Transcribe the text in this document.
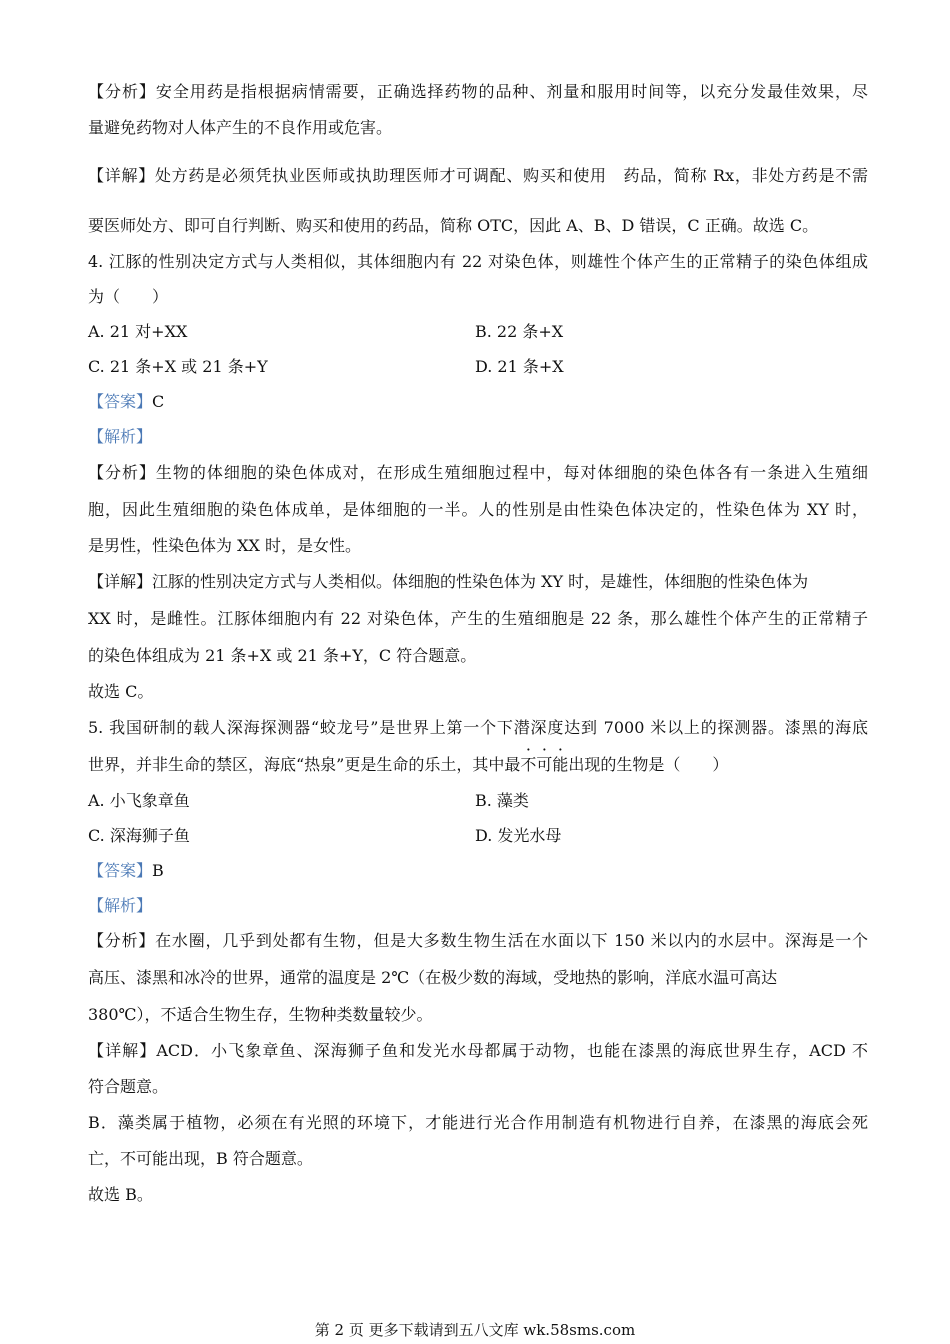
【分析】安全用药是指根据病情需要，正确选择药物的品种、剂量和服用时间等，以充分发最佳效果，尽
量避免药物对人体产生的不良作用或危害。
【详解】处方药是必须凭执业医师或执助理医师才可调配、购买和使用　药品，简称 Rx，非处方药是不需
要医师处方、即可自行判断、购买和使用的药品，简称 OTC，因此 A、B、D 错误，C 正确。故选 C。
4. 江豚的性别决定方式与人类相似，其体细胞内有 22 对染色体，则雄性个体产生的正常精子的染色体组成
为（　　）
A. 21 对+XX	B. 22 条+X
C. 21 条+X 或 21 条+Y	D. 21 条+X
【答案】C
【解析】
【分析】生物的体细胞的染色体成对，在形成生殖细胞过程中，每对体细胞的染色体各有一条进入生殖细
胞，因此生殖细胞的染色体成单，是体细胞的一半。人的性别是由性染色体决定的，性染色体为 XY 时，
是男性，性染色体为 XX 时，是女性。
【详解】江豚的性别决定方式与人类相似。体细胞的性染色体为 XY 时，是雄性，体细胞的性染色体为
XX 时，是雌性。江豚体细胞内有 22 对染色体，产生的生殖细胞是 22 条，那么雄性个体产生的正常精子
的染色体组成为 21 条+X 或 21 条+Y，C 符合题意。
故选 C。
5. 我国研制的载人深海探测器“蛟龙号”是世界上第一个下潜深度达到 7000 米以上的探测器。漆黑的海底
世界，并非生命的禁区，海底“热泉”更是生命的乐土，其中最不可能出现的生物是（　　）
A. 小飞象章鱼	B. 藻类
C. 深海狮子鱼	D. 发光水母
【答案】B
【解析】
【分析】在水圈，几乎到处都有生物，但是大多数生物生活在水面以下 150 米以内的水层中。深海是一个
高压、漆黑和冰冷的世界，通常的温度是 2℃（在极少数的海域，受地热的影响，洋底水温可高达
380℃），不适合生物生存，生物种类数量较少。
【详解】ACD．小飞象章鱼、深海狮子鱼和发光水母都属于动物，也能在漆黑的海底世界生存，ACD 不
符合题意。
B．藻类属于植物，必须在有光照的环境下，才能进行光合作用制造有机物进行自养，在漆黑的海底会死
亡，不可能出现，B 符合题意。
故选 B。
第 2 页 更多下载请到五八文库 wk.58sms.com
